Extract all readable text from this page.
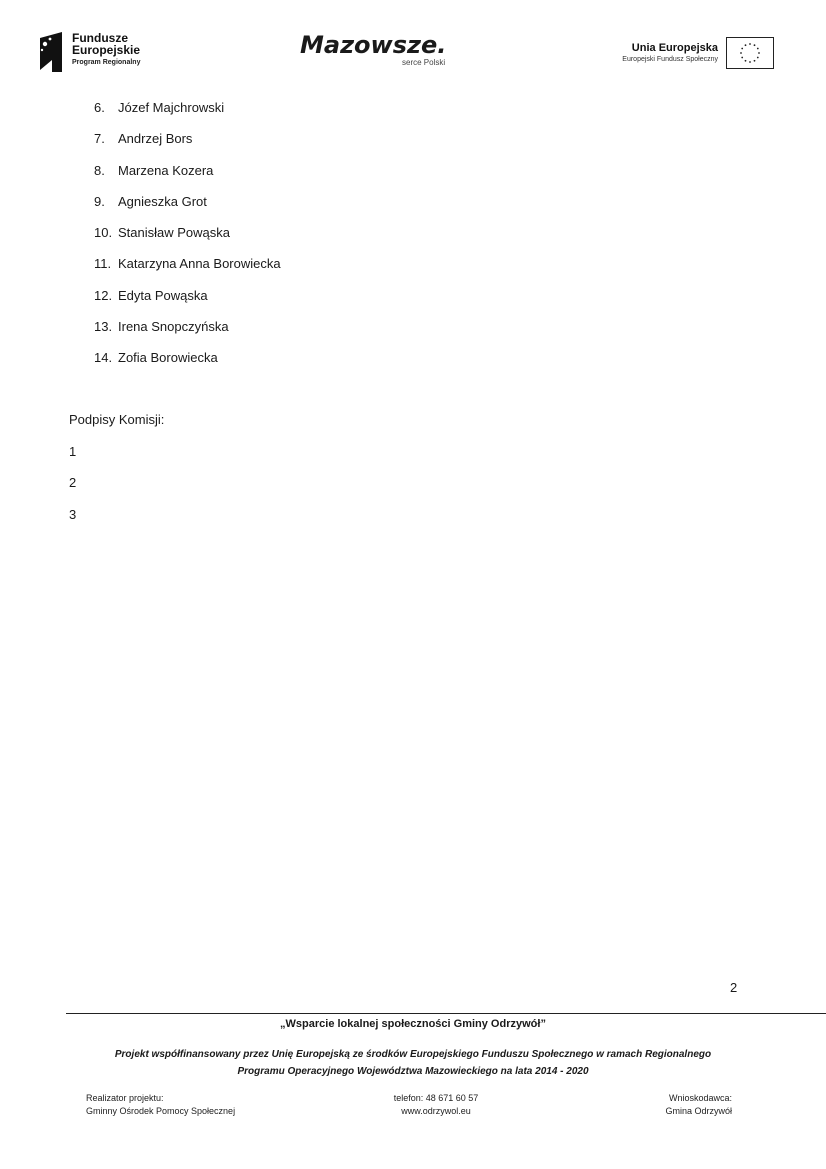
Fundusze
Europejskie
Program Regionalny
Mazowsze.
serce Polski
Unia Europejska
Europejski Fundusz Społeczny
6. Józef Majchrowski
7. Andrzej Bors
8. Marzena Kozera
9. Agnieszka Grot
10. Stanisław Powąska
11. Katarzyna Anna Borowiecka
12. Edyta Powąska
13. Irena Snopczyńska
14. Zofia Borowiecka
Podpisy Komisji:
1
2
3
2
„Wsparcie lokalnej społeczności Gminy Odrzywół”
Projekt współfinansowany przez Unię Europejską ze środków Europejskiego Funduszu Społecznego w ramach Regionalnego
Programu Operacyjnego Województwa Mazowieckiego na lata 2014 - 2020
Realizator projektu:
Gminny Ośrodek Pomocy Społecznej
telefon: 48 671 60 57
www.odrzywol.eu
Wnioskodawca:
Gmina Odrzywół
